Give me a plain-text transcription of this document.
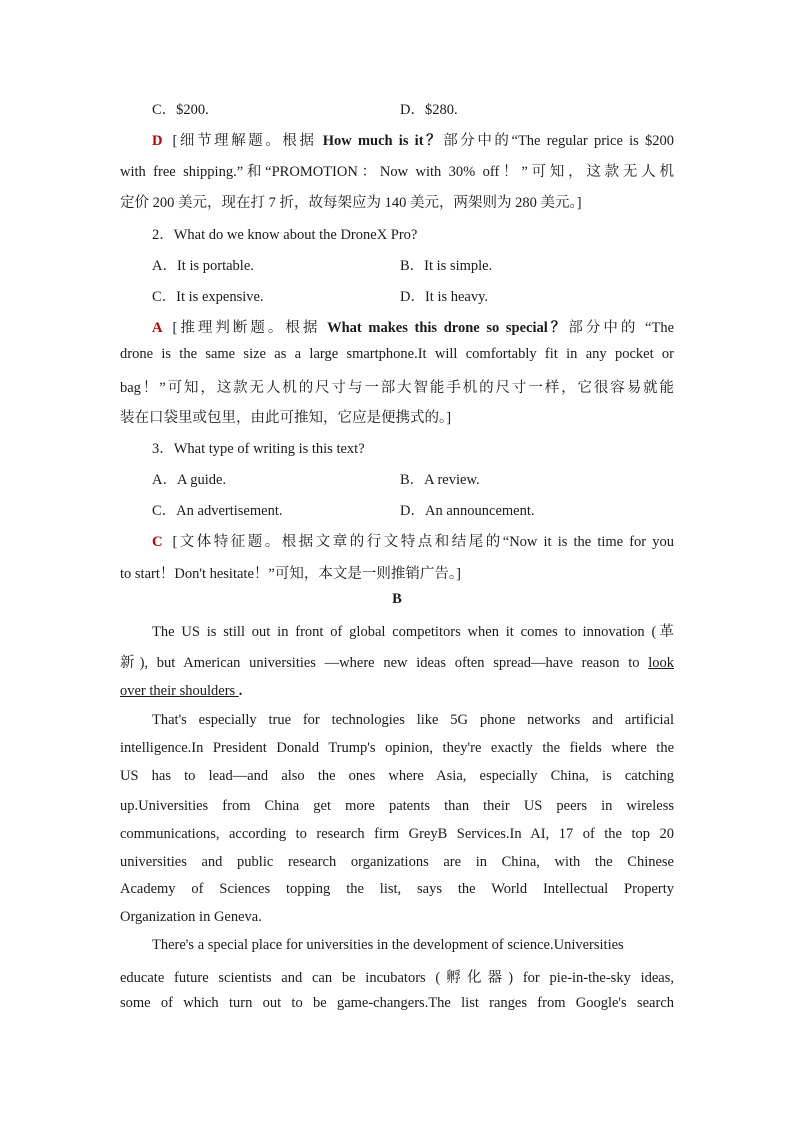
C．$200.	D．$280.
D [细节理解题。根据 How much is it？部分中的“The regular price is $200
with free shipping.”和“PROMOTION：Now with 30% off！”可知，这款无人机
定价 200 美元，现在打 7 折，故每架应为 140 美元，两架则为 280 美元。]
2．What do we know about the DroneX Pro?
A．It is portable.	B．It is simple.
C．It is expensive.	D．It is heavy.
A [推理判断题。根据 What makes this drone so special？部分中的 “The
drone is the same size as a large smartphone.It will comfortably fit in any pocket or
bag！”可知，这款无人机的尺寸与一部大智能手机的尺寸一样，它很容易就能
装在口袋里或包里，由此可推知，它应是便携式的。]
3．What type of writing is this text?
A．A guide.	B．A review.
C．An advertisement.	D．An announcement.
C [文体特征题。根据文章的行文特点和结尾的“Now it is the time for you
to start！Don't hesitate！”可知，本文是一则推销广告。]
B
The US is still out in front of global competitors when it comes to innovation (革
新), but American universities —where new ideas often spread—have reason to look
over their shoulders .
That's especially true for technologies like 5G phone networks and artificial
intelligence.In President Donald Trump's opinion, they're exactly the fields where the
US has to lead—and also the ones where Asia, especially China, is catching
up.Universities from China get more patents than their US peers in wireless
communications, according to research firm GreyB Services.In AI, 17 of the top 20
universities and public research organizations are in China, with the Chinese
Academy of Sciences topping the list, says the World Intellectual Property
Organization in Geneva.
There's a special place for universities in the development of science.Universities
educate future scientists and can be incubators (孵化器) for pie-in-the-sky ideas,
some of which turn out to be game-changers.The list ranges from Google's search
